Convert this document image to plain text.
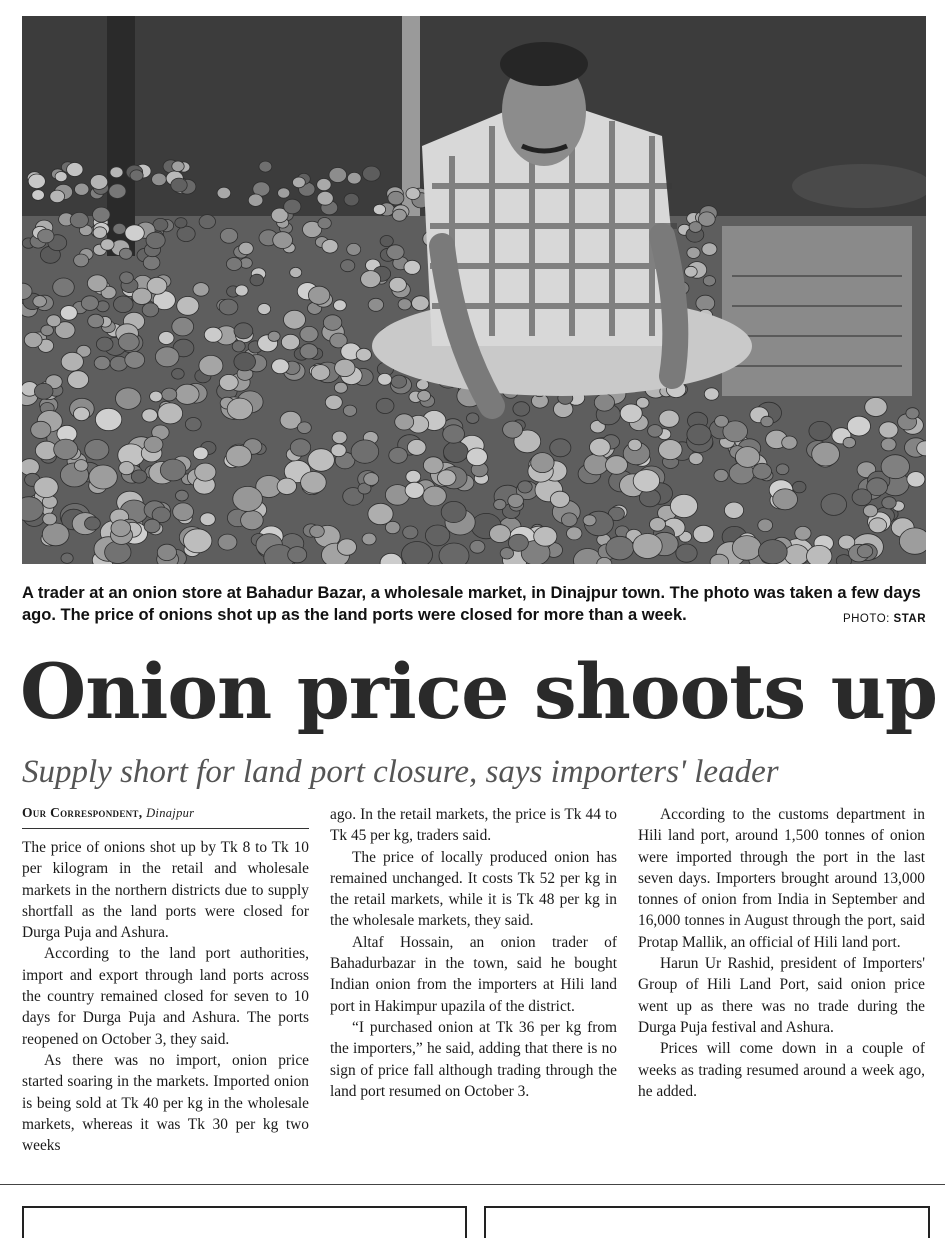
A trader at an onion store at Bahadur Bazar, a wholesale market, in Dinajpur town. The photo was taken a few days ago. The price of onions shot up as the land ports were closed for more than a week.	PHOTO: STAR
Onion price shoots up
Supply short for land port closure, says importers' leader
Our Correspondent, Dinajpur

The price of onions shot up by Tk 8 to Tk 10 per kilogram in the retail and wholesale markets in the northern districts due to supply shortfall as the land ports were closed for Durga Puja and Ashura.

According to the land port authorities, import and export through land ports across the country remained closed for seven to 10 days for Durga Puja and Ashura. The ports reopened on October 3, they said.

As there was no import, onion price started soaring in the markets. Imported onion is being sold at Tk 40 per kg in the wholesale markets, whereas it was Tk 30 per kg two weeks

ago. In the retail markets, the price is Tk 44 to Tk 45 per kg, traders said.

The price of locally produced onion has remained unchanged. It costs Tk 52 per kg in the retail markets, while it is Tk 48 per kg in the wholesale markets, they said.

Altaf Hossain, an onion trader of Bahadurbazar in the town, said he bought Indian onion from the importers at Hili land port in Hakimpur upazila of the district.

“I purchased onion at Tk 36 per kg from the importers,” he said, adding that there is no sign of price fall although trading through the land port resumed on October 3.

According to the customs department in Hili land port, around 1,500 tonnes of onion were imported through the port in the last seven days. Importers brought around 13,000 tonnes of onion from India in September and 16,000 tonnes in August through the port, said Protap Mallik, an official of Hili land port.

Harun Ur Rashid, president of Importers' Group of Hili Land Port, said onion price went up as there was no trade during the Durga Puja festival and Ashura.

Prices will come down in a couple of weeks as trading resumed around a week ago, he added.
